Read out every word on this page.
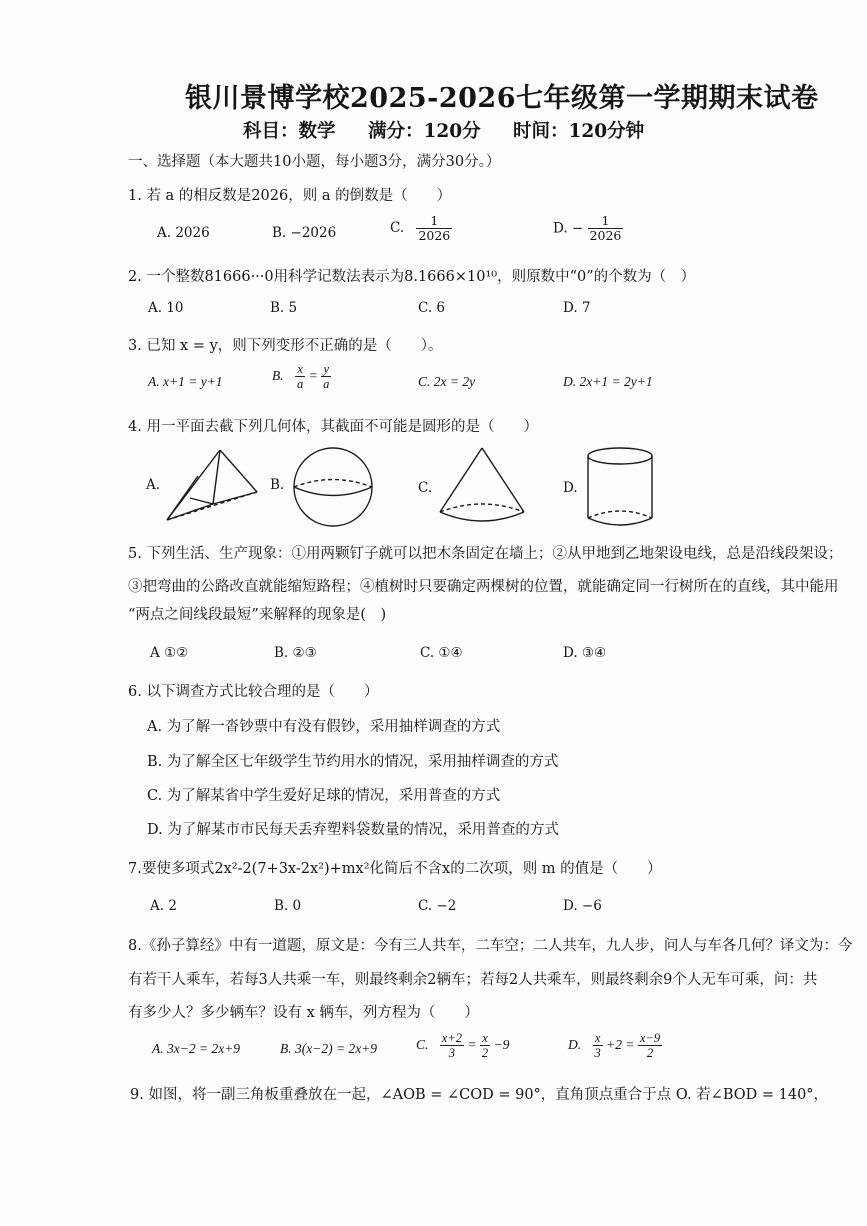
银川景博学校2025-2026七年级第一学期期末试卷
科目：数学 满分：120分 时间：120分钟
一、选择题（本大题共10小题，每小题3分，满分30分。）
1. 若 a 的相反数是2026，则 a 的倒数是（　　）
A. 2026	B. −2026	C. $\frac{1}{2026}$	D. − $\frac{1}{2026}$
2. 一个整数81666···0用科学记数法表示为8.1666×10¹⁰，则原数中“0”的个数为（　）
A. 10	B. 5	C. 6	D. 7
3. 已知 x = y，则下列变形不正确的是（　　）。
A. x+1 = y+1	B. $\frac{x}{a} = \frac{y}{a}$	C. 2x = 2y	D. 2x+1 = 2y+1
4. 用一平面去截下列几何体，其截面不可能是圆形的是（　　）
A.	B.	C.	D.
5. 下列生活、生产现象：①用两颗钉子就可以把木条固定在墙上；②从甲地到乙地架设电线，总是沿线段架设；
③把弯曲的公路改直就能缩短路程；④植树时只要确定两棵树的位置，就能确定同一行树所在的直线，其中能用
“两点之间线段最短”来解释的现象是(　)
A ①②	B. ②③	C. ①④	D. ③④
6. 以下调查方式比较合理的是（　　）
A. 为了解一沓钞票中有没有假钞，采用抽样调查的方式
B. 为了解全区七年级学生节约用水的情况，采用抽样调查的方式
C. 为了解某省中学生爱好足球的情况，采用普查的方式
D. 为了解某市市民每天丢弃塑料袋数量的情况，采用普查的方式
7.要使多项式2x²-2(7+3x-2x²)+mx²化简后不含x的二次项，则 m 的值是（　　）
A. 2	B. 0	C. −2	D. −6
8.《孙子算经》中有一道题，原文是：今有三人共车，二车空；二人共车，九人步，问人与车各几何？译文为：今
有若干人乘车，若每3人共乘一车，则最终剩余2辆车；若每2人共乘车，则最终剩余9个人无车可乘，问：共
有多少人？多少辆车？设有 x 辆车，列方程为（　　）
A. 3x−2 = 2x+9	B. 3(x−2) = 2x+9	C. $\frac{x+2}{3} = \frac{x}{2} -9$	D. $\frac{x}{3} +2 = \frac{x-9}{2}$
9. 如图，将一副三角板重叠放在一起，∠AOB = ∠COD = 90°，直角顶点重合于点 O. 若∠BOD = 140°，
